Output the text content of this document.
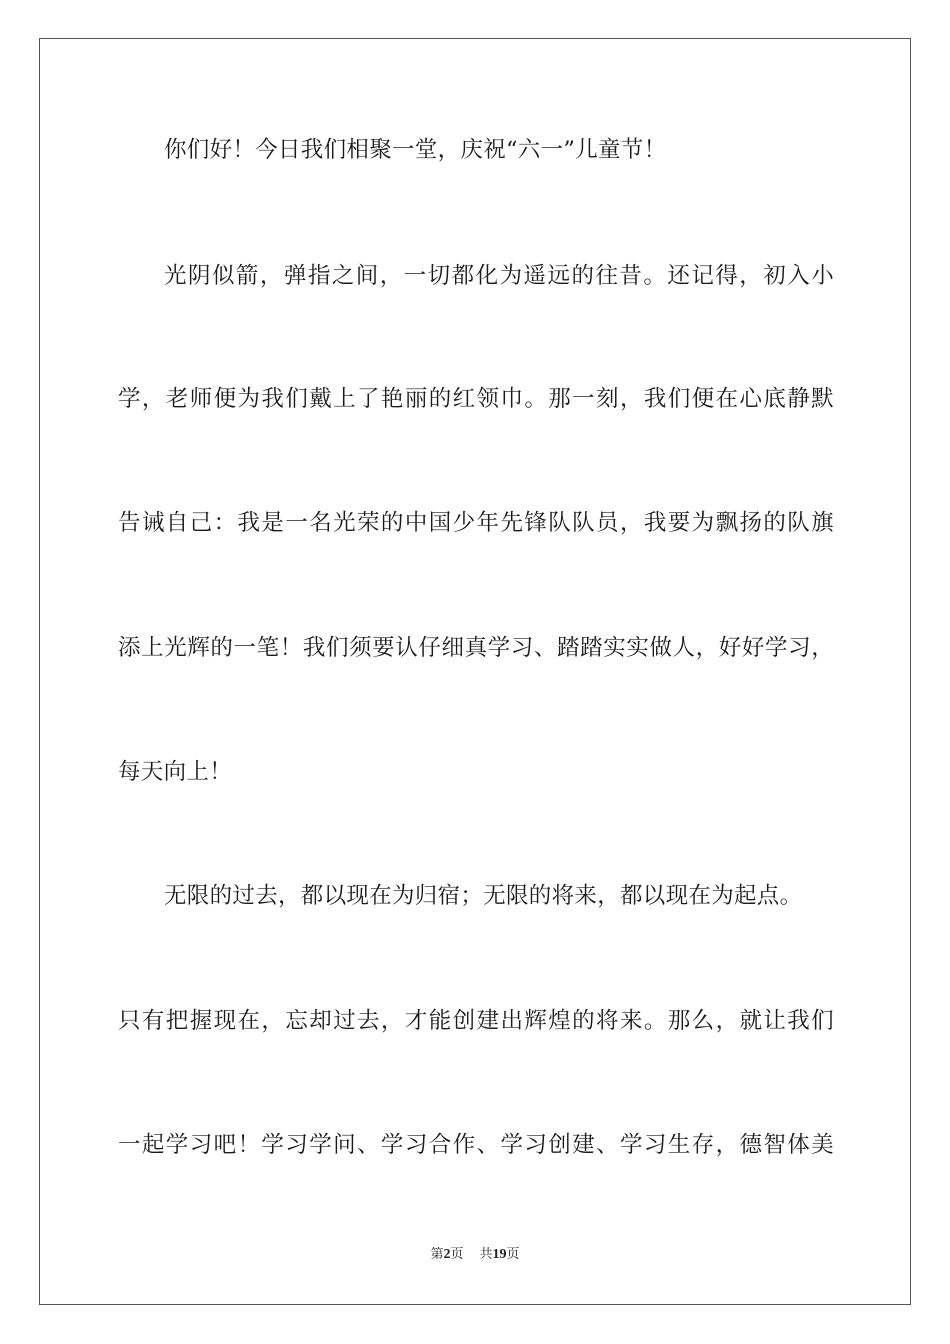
你们好！今日我们相聚一堂，庆祝“六一”儿童节！
光阴似箭，弹指之间，一切都化为遥远的往昔。还记得，初入小
学，老师便为我们戴上了艳丽的红领巾。那一刻，我们便在心底静默
告诫自己：我是一名光荣的中国少年先锋队队员，我要为飘扬的队旗
添上光辉的一笔！我们须要认仔细真学习、踏踏实实做人，好好学习，
每天向上！
无限的过去，都以现在为归宿；无限的将来，都以现在为起点。
只有把握现在，忘却过去，才能创建出辉煌的将来。那么，就让我们
一起学习吧！学习学问、学习合作、学习创建、学习生存，德智体美
第2页 共19页
